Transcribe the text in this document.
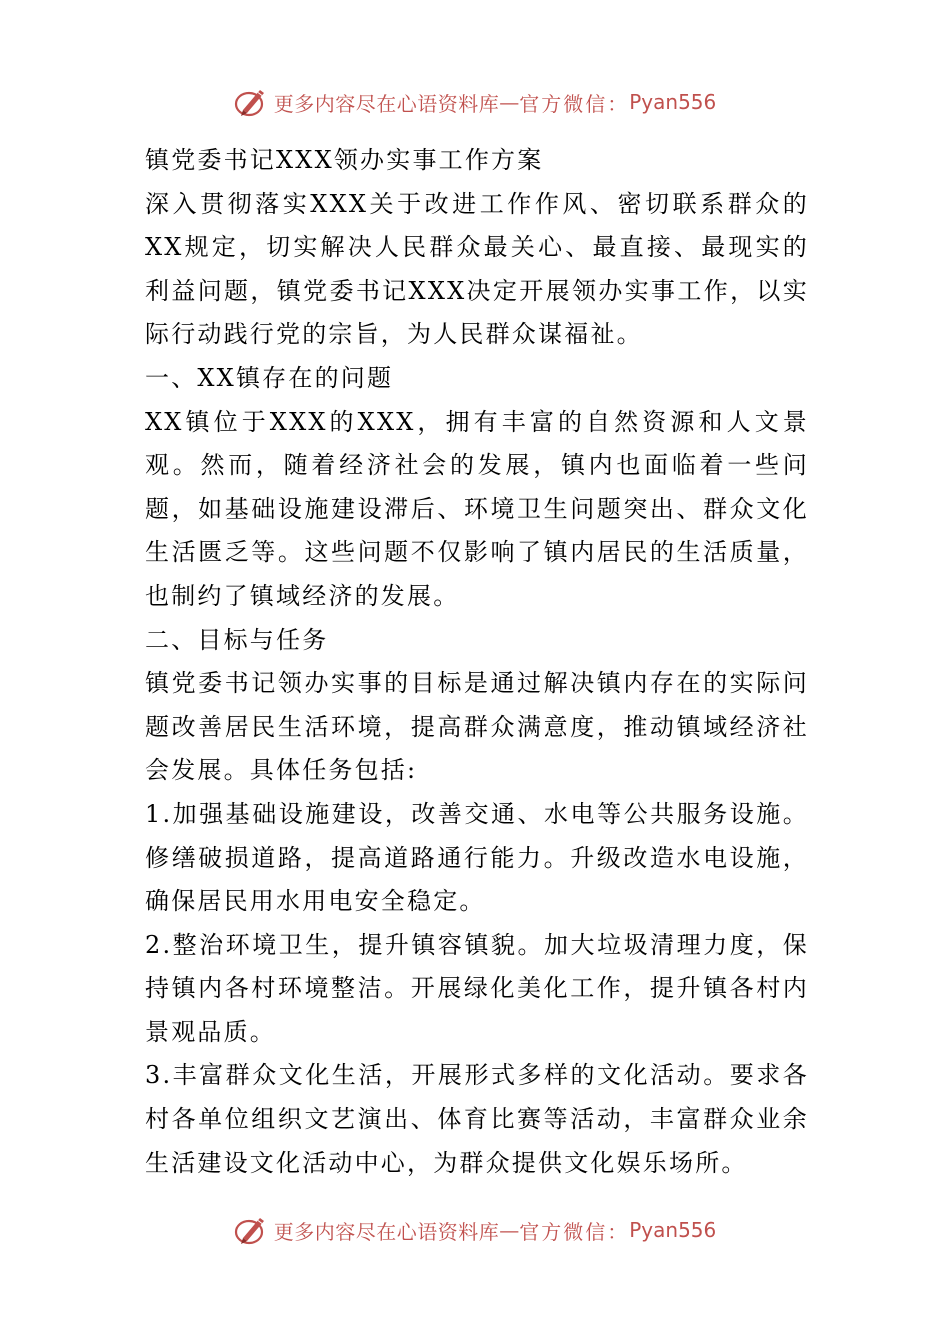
更多内容尽在心语资料库 — 官方微信： Pyan556

镇党委书记XXX领办实事工作方案

深入贯彻落实XXX关于改进工作作风、密切联系群众的XX规定，切实解决人民群众最关心、最直接、最现实的利益问题，镇党委书记XXX决定开展领办实事工作，以实际行动践行党的宗旨，为人民群众谋福祉。

一、XX镇存在的问题

XX镇位于XXX的XXX，拥有丰富的自然资源和人文景观。然而，随着经济社会的发展，镇内也面临着一些问题，如基础设施建设滞后、环境卫生问题突出、群众文化生活匮乏等。这些问题不仅影响了镇内居民的生活质量，也制约了镇域经济的发展。

二、目标与任务

镇党委书记领办实事的目标是通过解决镇内存在的实际问题改善居民生活环境，提高群众满意度，推动镇域经济社会发展。具体任务包括:

1.加强基础设施建设，改善交通、水电等公共服务设施。修缮破损道路，提高道路通行能力。升级改造水电设施，确保居民用水用电安全稳定。

2.整治环境卫生，提升镇容镇貌。加大垃圾清理力度，保持镇内各村环境整洁。开展绿化美化工作，提升镇各村内景观品质。

3.丰富群众文化生活，开展形式多样的文化活动。要求各村各单位组织文艺演出、体育比赛等活动，丰富群众业余生活建设文化活动中心，为群众提供文化娱乐场所。

更多内容尽在心语资料库 — 官方微信： Pyan556
